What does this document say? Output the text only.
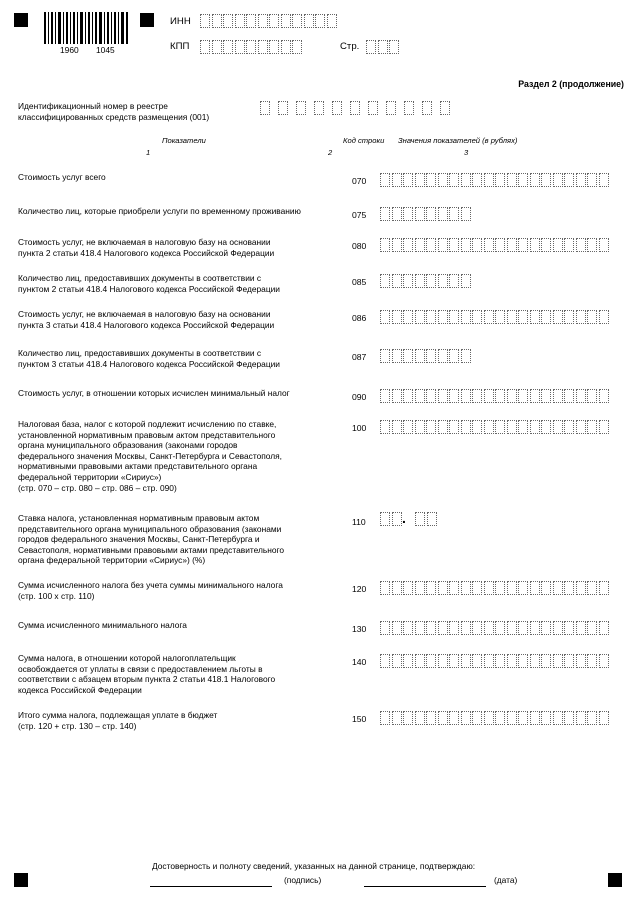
1960 1045
ИНН
КПП	Стр.
Раздел 2 (продолжение)
Идентификационный номер в реестре
классифицированных средств размещения (001)
Показатели	Код строки Значения показателей (в рублях)
1	2	3
Стоимость услуг всего	070
Количество лиц, которые приобрели услуги по временному проживанию	075
Стоимость услуг, не включаемая в налоговую базу на основании
пункта 2 статьи 418.4 Налогового кодекса Российской Федерации
080
Количество лиц, предоставивших документы в соответствии с
пунктом 2 статьи 418.4 Налогового кодекса Российской Федерации
085
Стоимость услуг, не включаемая в налоговую базу на основании
пункта 3 статьи 418.4 Налогового кодекса Российской Федерации
086
Количество лиц, предоставивших документы в соответствии с
пунктом 3 статьи 418.4 Налогового кодекса Российской Федерации
087
Стоимость услуг, в отношении которых исчислен минимальный налог	090
Налоговая база, налог с которой подлежит исчислению по ставке,
установленной нормативным правовым актом представительного
органа муниципального образования (законами городов
федерального значения Москвы, Санкт-Петербурга и Севастополя,
нормативными правовыми актами представительного органа
федеральной территории «Сириус»)
(стр. 070 – стр. 080 – стр. 086 – стр. 090)
100
Ставка налога, установленная нормативным правовым актом
представительного органа муниципального образования (законами
городов федерального значения Москвы, Санкт-Петербурга и
Севастополя, нормативными правовыми актами представительного
органа федеральной территории «Сириус») (%)
110	.
Сумма исчисленного налога без учета суммы минимального налога
(стр. 100 х стр. 110)
120
Сумма исчисленного минимального налога	130
Сумма налога, в отношении которой налогоплательщик
освобождается от уплаты в связи с предоставлением льготы в
соответствии с абзацем вторым пункта 2 статьи 418.1 Налогового
кодекса Российской Федерации
140
Итого сумма налога, подлежащая уплате в бюджет
(стр. 120 + стр. 130 – стр. 140)
150
Достоверность и полноту сведений, указанных на данной странице, подтверждаю:
(подпись)	(дата)
